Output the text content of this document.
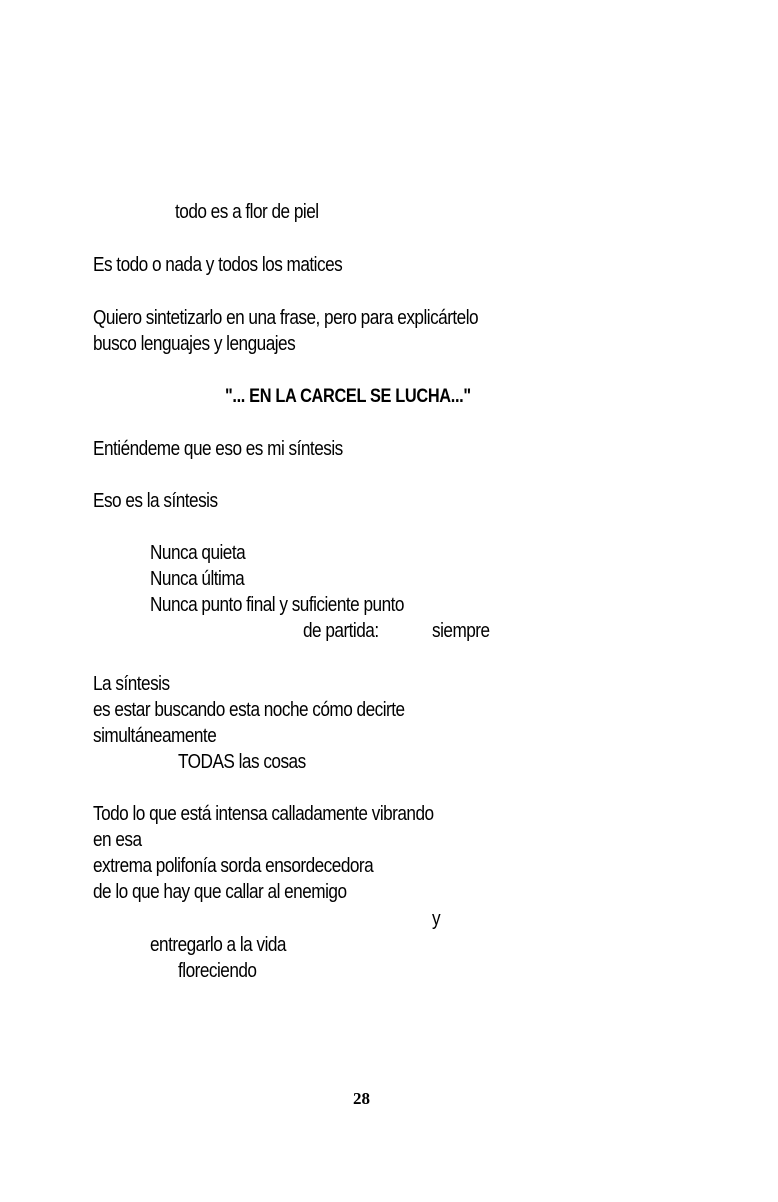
todo es a flor de piel
Es todo o nada y todos los matices
Quiero sintetizarlo en una frase, pero para explicártelo
busco lenguajes y lenguajes
"... EN LA CARCEL SE LUCHA..."
Entiéndeme que eso es mi síntesis
Eso es la síntesis
Nunca quieta
Nunca última
Nunca punto final y suficiente punto
de partida:	siempre
La síntesis
es estar buscando esta noche cómo decirte
simultáneamente
TODAS las cosas
Todo lo que está intensa calladamente vibrando
en esa
extrema polifonía sorda ensordecedora
de lo que hay que callar al enemigo
y
entregarlo a la vida
floreciendo
28
